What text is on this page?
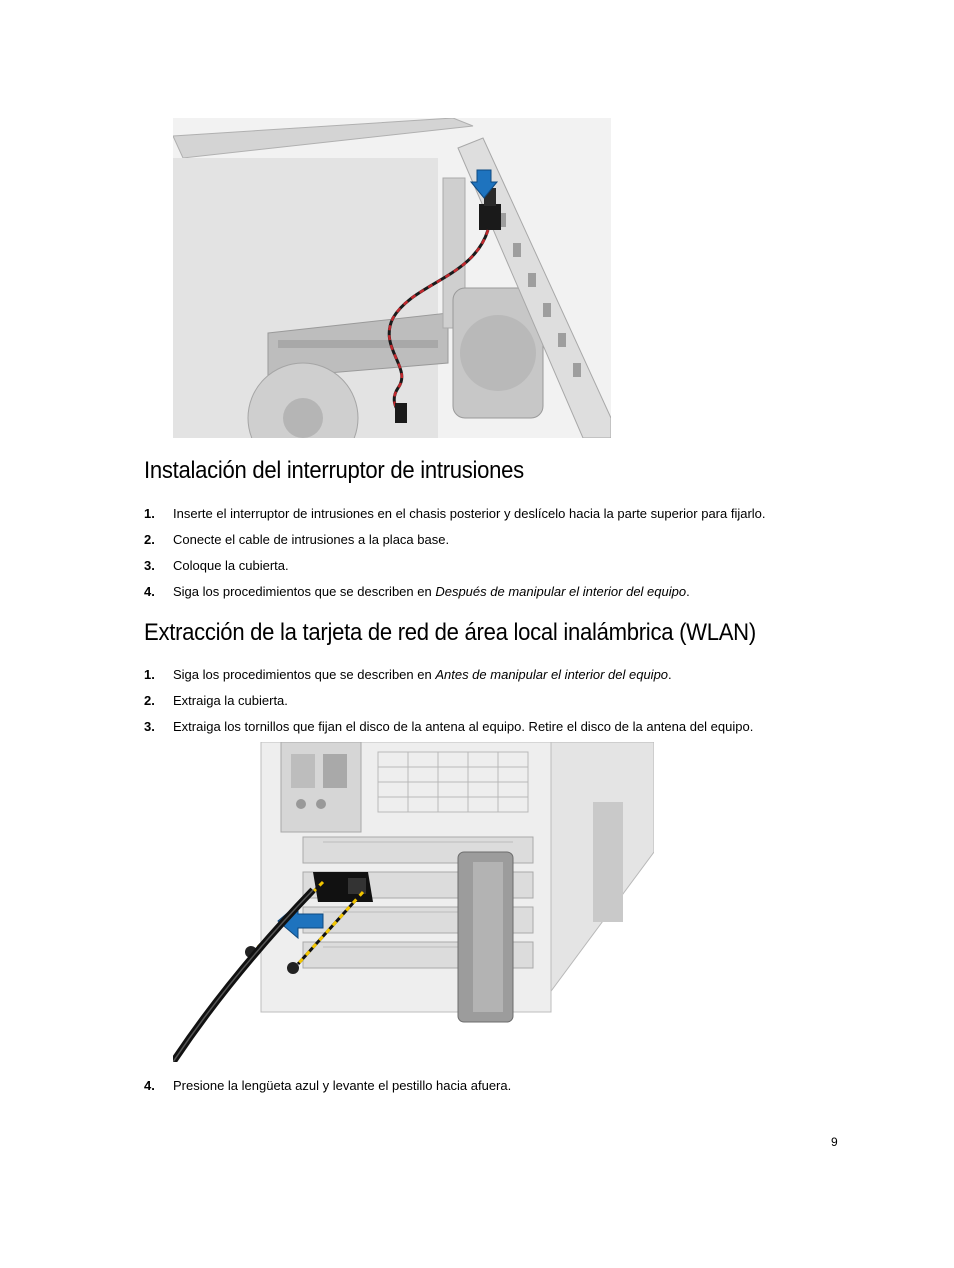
Instalación del interruptor de intrusiones
1. Inserte el interruptor de intrusiones en el chasis posterior y deslícelo hacia la parte superior para fijarlo.
2. Conecte el cable de intrusiones a la placa base.
3. Coloque la cubierta.
4. Siga los procedimientos que se describen en Después de manipular el interior del equipo.
Extracción de la tarjeta de red de área local inalámbrica (WLAN)
1. Siga los procedimientos que se describen en Antes de manipular el interior del equipo.
2. Extraiga la cubierta.
3. Extraiga los tornillos que fijan el disco de la antena al equipo. Retire el disco de la antena del equipo.
4. Presione la lengüeta azul y levante el pestillo hacia afuera.
9
